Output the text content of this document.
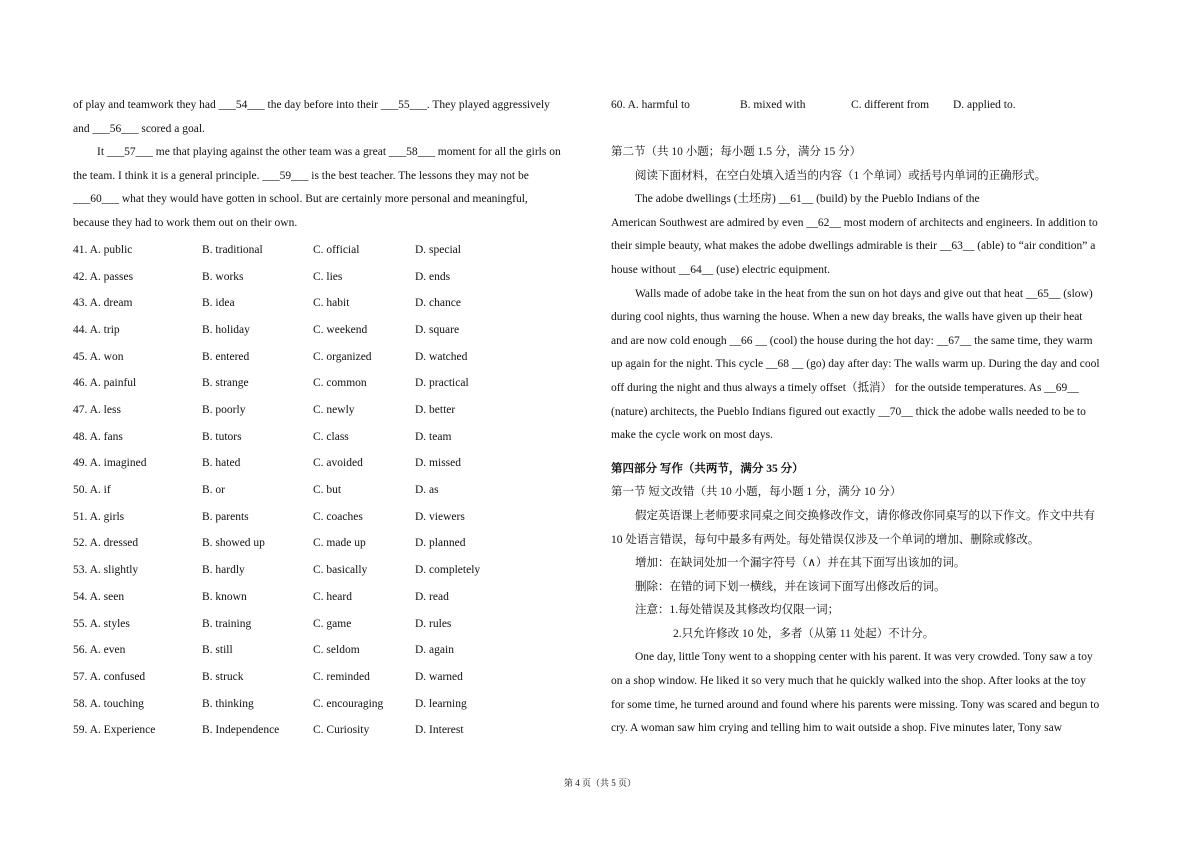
of play and teamwork they had ___54___ the day before into their ___55___. They played aggressively

and ___56___ scored a goal.

It ___57___ me that playing against the other team was a great ___58___ moment for all the girls on

the team. I think it is a general principle. ___59___ is the best teacher. The lessons they may not be

___60___ what they would have gotten in school. But are certainly more personal and meaningful,

because they had to work them out on their own.

41. A. public	B. traditional	C. official	D. special
42. A. passes	B. works	C. lies	D. ends
43. A. dream	B. idea	C. habit	D. chance
44. A. trip	B. holiday	C. weekend	D. square
45. A. won	B. entered	C. organized	D. watched
46. A. painful	B. strange	C. common	D. practical
47. A. less	B. poorly	C. newly	D. better
48. A. fans	B. tutors	C. class	D. team
49. A. imagined	B. hated	C. avoided	D. missed
50. A. if	B. or	C. but	D. as
51. A. girls	B. parents	C. coaches	D. viewers
52. A. dressed	B. showed up	C. made up	D. planned
53. A. slightly	B. hardly	C. basically	D. completely
54. A. seen	B. known	C. heard	D. read
55. A. styles	B. training	C. game	D. rules
56. A. even	B. still	C. seldom	D. again
57. A. confused	B. struck	C. reminded	D. warned
58. A. touching	B. thinking	C. encouraging	D. learning
59. A. Experience	B. Independence	C. Curiosity	D. Interest
60. A. harmful to	B. mixed with	C. different from	D. applied to.

第二节（共 10 小题；每小题 1.5 分，满分 15 分）

阅读下面材料，在空白处填入适当的内容（1 个单词）或括号内单词的正确形式。

The adobe dwellings (土坯房) __61__ (build) by the Pueblo Indians of the

American Southwest are admired by even __62__ most modern of architects and engineers. In addition to

their simple beauty, what makes the adobe dwellings admirable is their __63__ (able) to “air condition” a

house without __64__ (use) electric equipment.

Walls made of adobe take in the heat from the sun on hot days and give out that heat __65__ (slow)

during cool nights, thus warning the house. When a new day breaks, the walls have given up their heat

and are now cold enough __66 __ (cool) the house during the hot day: __67__ the same time, they warm

up again for the night. This cycle __68 __ (go) day after day: The walls warm up. During the day and cool

off during the night and thus always a timely offset（抵消） for the outside temperatures. As __69__

(nature) architects, the Pueblo Indians figured out exactly __70__ thick the adobe walls needed to be to

make the cycle work on most days.

第四部分 写作（共两节，满分 35 分）

第一节 短文改错（共 10 小题，每小题 1 分，满分 10 分）

假定英语课上老师要求同桌之间交换修改作文，请你修改你同桌写的以下作文。作文中共有

10 处语言错误，每句中最多有两处。每处错误仅涉及一个单词的增加、删除或修改。

增加：在缺词处加一个漏字符号（∧）并在其下面写出该加的词。

删除：在错的词下划一横线，并在该词下面写出修改后的词。

注意：1.每处错误及其修改均仅限一词；

2.只允许修改 10 处，多者（从第 11 处起）不计分。

One day, little Tony went to a shopping center with his parent. It was very crowded. Tony saw a toy

on a shop window. He liked it so very much that he quickly walked into the shop. After looks at the toy

for some time, he turned around and found where his parents were missing. Tony was scared and begun to

cry. A woman saw him crying and telling him to wait outside a shop. Five minutes later, Tony saw

第 4 页（共 5 页）
